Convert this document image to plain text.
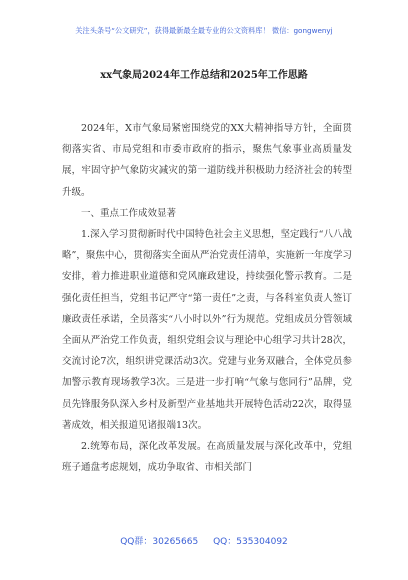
关注头条号“公文研究”，获得最新最全最专业的公文资料库！ 微信：gongwenyj
xx气象局2024年工作总结和2025年工作思路

2024年，X市气象局紧密围绕党的XX大精神指导方针，全面贯彻落实省、市局党组和市委市政府的指示，聚焦气象事业高质量发展，牢固守护气象防灾减灾的第一道防线并积极助力经济社会的转型升级。

一、重点工作成效显著

1.深入学习贯彻新时代中国特色社会主义思想，坚定践行“八八战略”，聚焦中心，贯彻落实全面从严治党责任清单，实施新一年度学习安排，着力推进职业道德和党风廉政建设，持续强化警示教育。二是强化责任担当，党组书记严守“第一责任”之责，与各科室负责人签订廉政责任承诺，全员落实“八小时以外”行为规范。党组成员分管领域全面从严治党工作负责，组织党组会议与理论中心组学习共计28次，交流讨论7次，组织讲党课活动3次。党建与业务双融合，全体党员参加警示教育现场教学3次。三是进一步打响“气象与您同行”品牌，党员先锋服务队深入乡村及新型产业基地共开展特色活动22次，取得显著成效，相关报道见诸报端13次。

2.统筹布局，深化改革发展。在高质量发展与深化改革中，党组班子通盘考虑规划，成功争取省、市相关部门

QQ群：30265665 QQ：535304092
